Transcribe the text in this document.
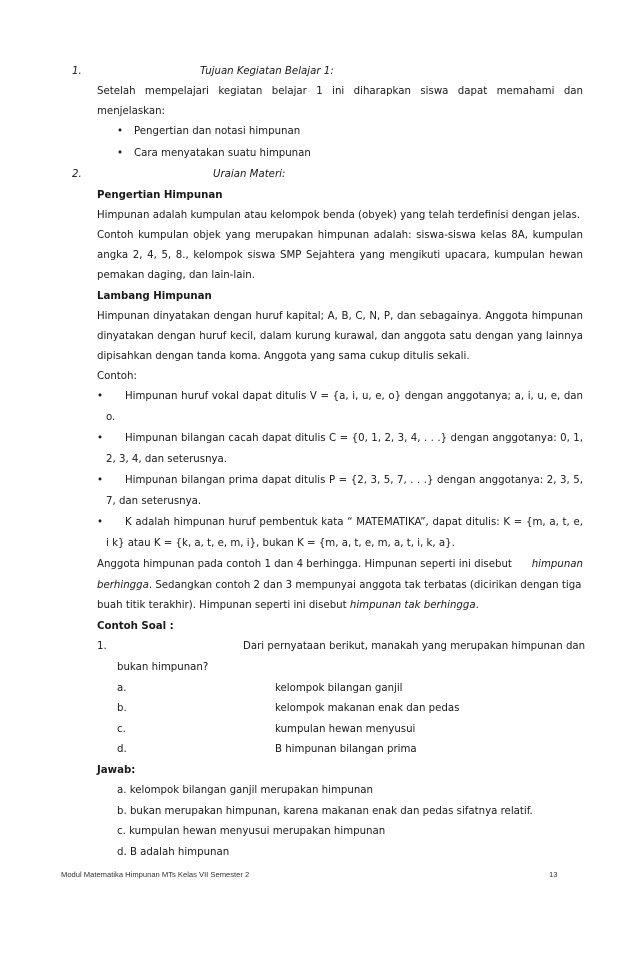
1.	Tujuan Kegiatan Belajar 1:
Setelah mempelajari kegiatan belajar 1 ini diharapkan siswa dapat memahami dan
menjelaskan:
• Pengertian dan notasi himpunan
• Cara menyatakan suatu himpunan
2.	Uraian Materi:
Pengertian Himpunan
Himpunan adalah kumpulan atau kelompok benda (obyek) yang telah terdefinisi dengan jelas.
Contoh kumpulan objek yang merupakan himpunan adalah: siswa-siswa kelas 8A, kumpulan
angka 2, 4, 5, 8., kelompok siswa SMP Sejahtera yang mengikuti upacara, kumpulan hewan
pemakan daging, dan lain-lain.
Lambang Himpunan
Himpunan dinyatakan dengan huruf kapital; A, B, C, N, P, dan sebagainya. Anggota himpunan
dinyatakan dengan huruf kecil, dalam kurung kurawal, dan anggota satu dengan yang lainnya
dipisahkan dengan tanda koma. Anggota yang sama cukup ditulis sekali.
Contoh:
• Himpunan huruf vokal dapat ditulis V = {a, i, u, e, o} dengan anggotanya; a, i, u, e, dan
o.
• Himpunan bilangan cacah dapat ditulis C = {0, 1, 2, 3, 4, . . .} dengan anggotanya: 0, 1,
2, 3, 4, dan seterusnya.
• Himpunan bilangan prima dapat ditulis P = {2, 3, 5, 7, . . .} dengan anggotanya: 2, 3, 5,
7, dan seterusnya.
• K adalah himpunan huruf pembentuk kata “ MATEMATIKA”, dapat ditulis: K = {m, a, t, e,
i k} atau K = {k, a, t, e, m, i}, bukan K = {m, a, t, e, m, a, t, i, k, a}.
Anggota himpunan pada contoh 1 dan 4 berhingga. Himpunan seperti ini disebut himpunan
berhingga. Sedangkan contoh 2 dan 3 mempunyai anggota tak terbatas (dicirikan dengan tiga
buah titik terakhir). Himpunan seperti ini disebut himpunan tak berhingga.
Contoh Soal :
1.	Dari pernyataan berikut, manakah yang merupakan himpunan dan
bukan himpunan?
a.	kelompok bilangan ganjil
b.	kelompok makanan enak dan pedas
c.	kumpulan hewan menyusui
d.	B himpunan bilangan prima
Jawab:
a. kelompok bilangan ganjil merupakan himpunan
b. bukan merupakan himpunan, karena makanan enak dan pedas sifatnya relatif.
c. kumpulan hewan menyusui merupakan himpunan
d. B adalah himpunan
Modul Matematika Himpunan MTs Kelas VII Semester 2	13
